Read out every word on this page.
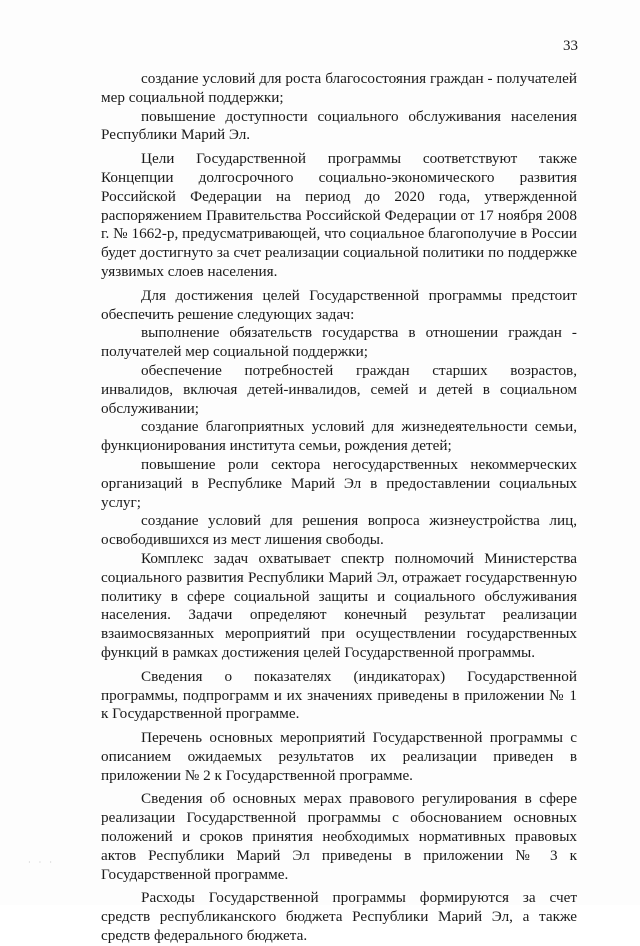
33

создание условий для роста благосостояния граждан - получателей мер социальной поддержки;

повышение доступности социального обслуживания населения Республики Марий Эл.

Цели Государственной программы соответствуют также Концепции долгосрочного социально-экономического развития Российской Федерации на период до 2020 года, утвержденной распоряжением Правительства Российской Федерации от 17 ноября 2008 г. № 1662-р, предусматривающей, что социальное благополучие в России будет достигнуто за счет реализации социальной политики по поддержке уязвимых слоев населения.

Для достижения целей Государственной программы предстоит обеспечить решение следующих задач:

выполнение обязательств государства в отношении граждан - получателей мер социальной поддержки;

обеспечение потребностей граждан старших возрастов, инвалидов, включая детей-инвалидов, семей и детей в социальном обслуживании;

создание благоприятных условий для жизнедеятельности семьи, функционирования института семьи, рождения детей;

повышение роли сектора негосударственных некоммерческих организаций в Республике Марий Эл в предоставлении социальных услуг;

создание условий для решения вопроса жизнеустройства лиц, освободившихся из мест лишения свободы.

Комплекс задач охватывает спектр полномочий Министерства социального развития Республики Марий Эл, отражает государственную политику в сфере социальной защиты и социального обслуживания населения. Задачи определяют конечный результат реализации взаимосвязанных мероприятий при осуществлении государственных функций в рамках достижения целей Государственной программы.

Сведения о показателях (индикаторах) Государственной программы, подпрограмм и их значениях приведены в приложении № 1 к Государственной программе.

Перечень основных мероприятий Государственной программы с описанием ожидаемых результатов их реализации приведен в приложении № 2 к Государственной программе.

Сведения об основных мерах правового регулирования в сфере реализации Государственной программы с обоснованием основных положений и сроков принятия необходимых нормативных правовых актов Республики Марий Эл приведены в приложении № 3 к Государственной программе.

Расходы Государственной программы формируются за счет средств республиканского бюджета Республики Марий Эл, а также средств федерального бюджета.

· · ·
